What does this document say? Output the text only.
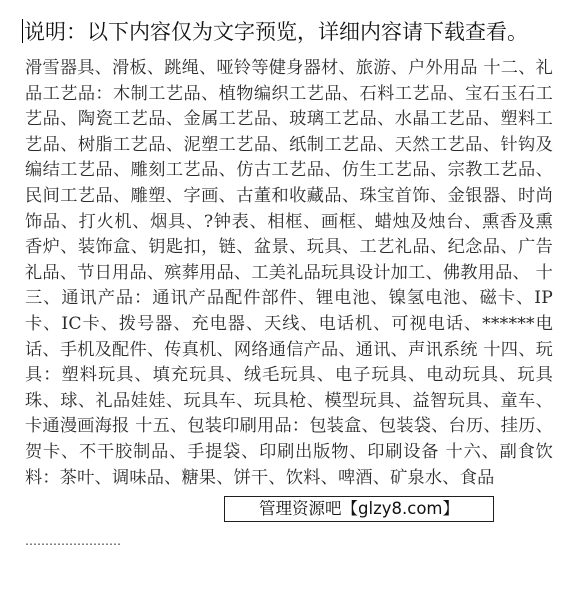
说明：以下内容仅为文字预览，详细内容请下载查看。
滑雪器具、滑板、跳绳、哑铃等健身器材、旅游、户外用品 十二、礼品工艺品：木制工艺品、植物编织工艺品、石料工艺品、宝石玉石工艺品、陶瓷工艺品、金属工艺品、玻璃工艺品、水晶工艺品、塑料工艺品、树脂工艺品、泥塑工艺品、纸制工艺品、天然工艺品、针钩及编结工艺品、雕刻工艺品、仿古工艺品、仿生工艺品、宗教工艺品、民间工艺品、雕塑、字画、古董和收藏品、珠宝首饰、金银器、时尚饰品、打火机、烟具、?钟表、相框、画框、蜡烛及烛台、熏香及熏香炉、装饰盒、钥匙扣，链、盆景、玩具、工艺礼品、纪念品、广告礼品、节日用品、殡葬用品、工美礼品玩具设计加工、佛教用品、 十三、通讯产品：通讯产品配件部件、锂电池、镍氢电池、磁卡、IP卡、IC卡、拨号器、充电器、天线、电话机、可视电话、******电话、手机及配件、传真机、网络通信产品、通讯、声讯系统 十四、玩具：塑料玩具、填充玩具、绒毛玩具、电子玩具、电动玩具、玩具珠、球、礼品娃娃、玩具车、玩具枪、模型玩具、益智玩具、童车、卡通漫画海报 十五、包装印刷用品：包装盒、包装袋、台历、挂历、贺卡、不干胶制品、手提袋、印刷出版物、印刷设备 十六、副食饮料：茶叶、调味品、糖果、饼干、饮料、啤酒、矿泉水、食品
……………………
管理资源吧【glzy8.com】
